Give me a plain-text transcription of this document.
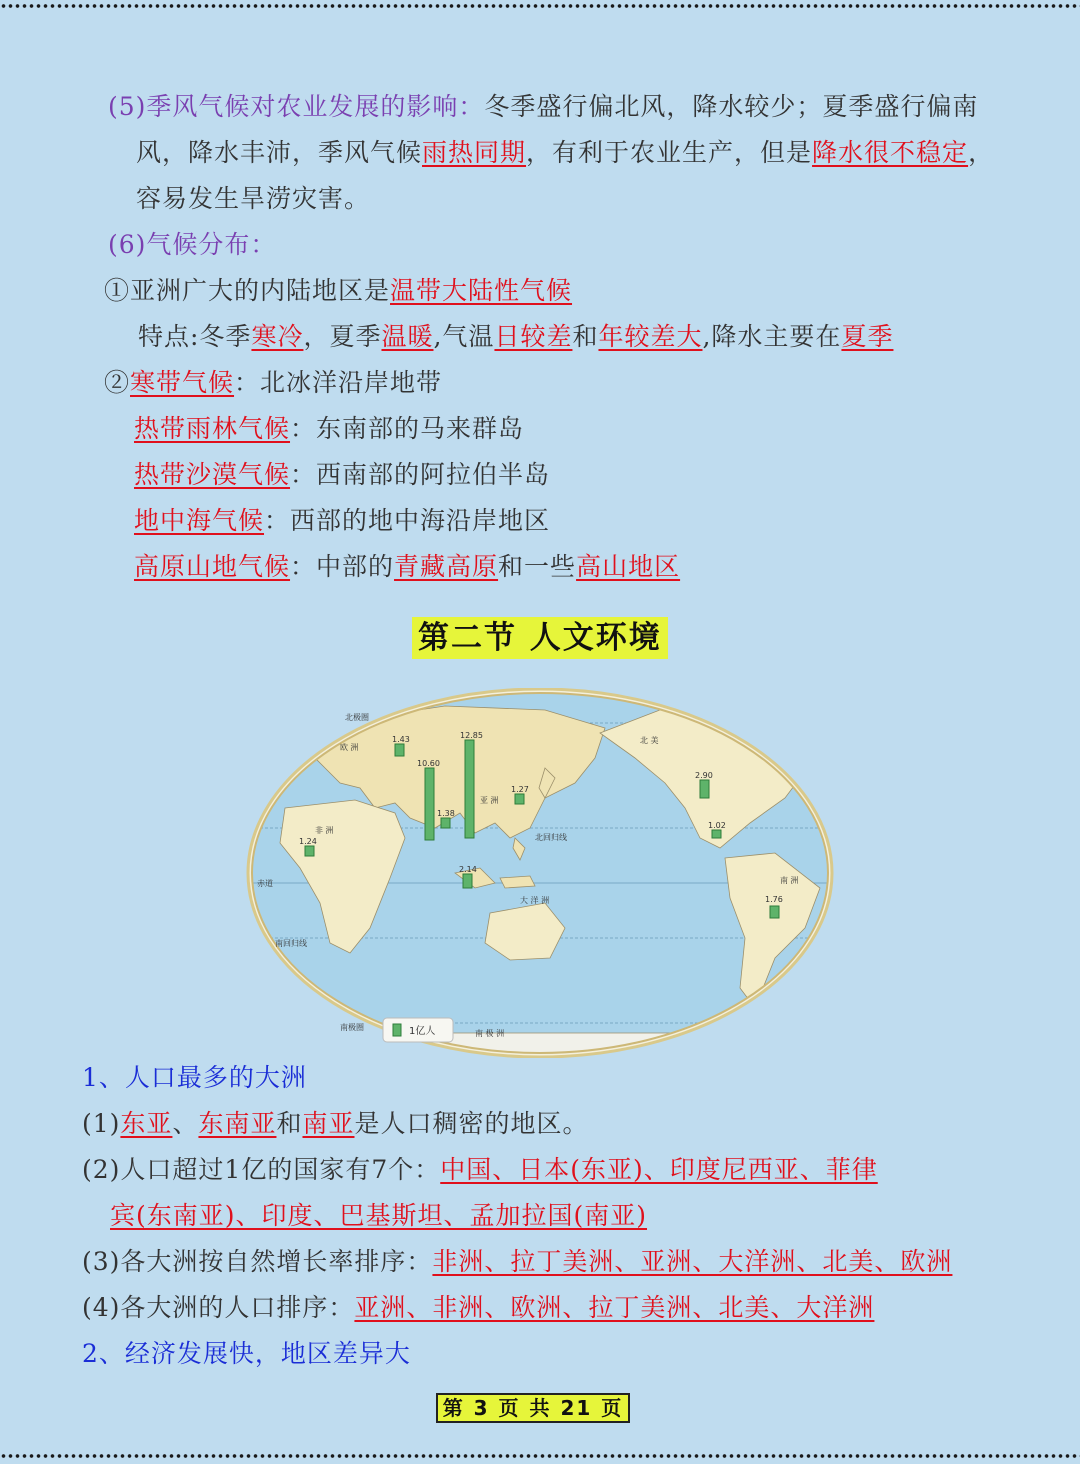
(5)季风气候对农业发展的影响：冬季盛行偏北风，降水较少；夏季盛行偏南
风，降水丰沛，季风气候雨热同期，有利于农业生产，但是降水很不稳定，
容易发生旱涝灾害。
(6)气候分布：
①亚洲广大的内陆地区是温带大陆性气候
特点:冬季寒冷，夏季温暖,气温日较差和年较差大,降水主要在夏季
②寒带气候：北冰洋沿岸地带
热带雨林气候：东南部的马来群岛
热带沙漠气候：西南部的阿拉伯半岛
地中海气候：西部的地中海沿岸地区
高原山地气候：中部的青藏高原和一些高山地区
第二节 人文环境
北极圈
北回归线
赤道
南回归线
南极圈
欧 洲
亚 洲
非 洲
北 美
大 洋 洲
南 洲
南 极 洲
12.85
10.60
1.43
2.90
1.27
1.76
1.38
1.24
2.14
1.02
1亿人
1、人口最多的大洲
(1)东亚、东南亚和南亚是人口稠密的地区。
(2)人口超过1亿的国家有7个：中国、日本(东亚)、印度尼西亚、菲律
宾(东南亚)、印度、巴基斯坦、孟加拉国(南亚)
(3)各大洲按自然增长率排序：非洲、拉丁美洲、亚洲、大洋洲、北美、欧洲
(4)各大洲的人口排序：亚洲、非洲、欧洲、拉丁美洲、北美、大洋洲
2、经济发展快，地区差异大
第 3 页 共 21 页
